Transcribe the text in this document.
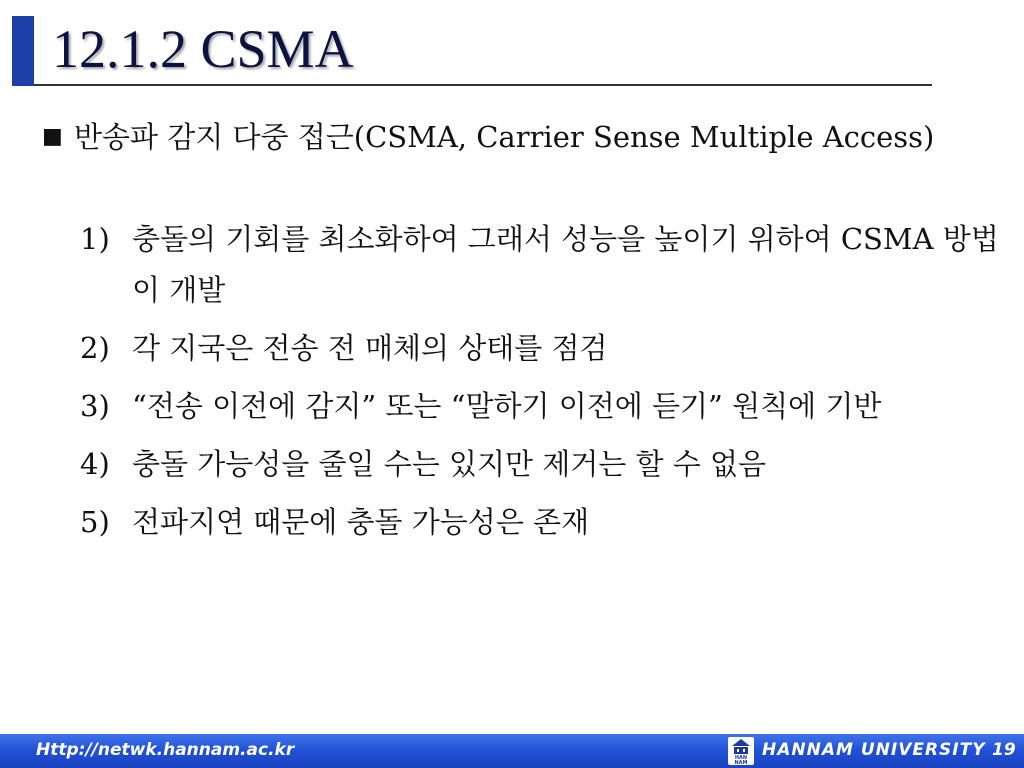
12.1.2 CSMA
■ 반송파 감지 다중 접근(CSMA, Carrier Sense Multiple Access)
1) 충돌의 기회를 최소화하여 그래서 성능을 높이기 위하여 CSMA 방법이 개발
2) 각 지국은 전송 전 매체의 상태를 점검
3) “전송 이전에 감지” 또는 “말하기 이전에 듣기” 원칙에 기반
4) 충돌 가능성을 줄일 수는 있지만 제거는 할 수 없음
5) 전파지연 때문에 충돌 가능성은 존재
Http://netwk.hannam.ac.kr	HAN
NAM
HANNAM UNIVERSITY 19
